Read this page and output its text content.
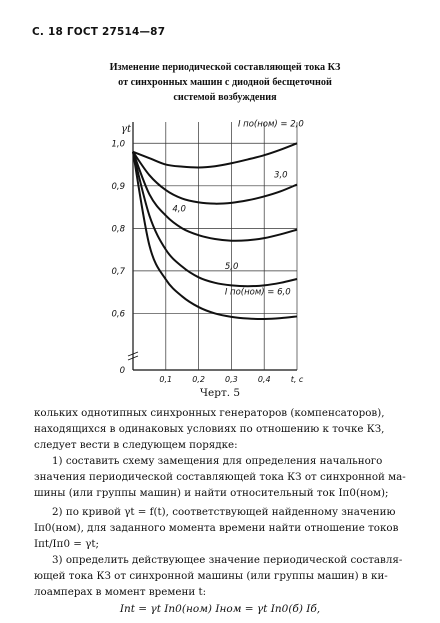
С. 18 ГОСТ 27514—87
Изменение периодической составляющей тока КЗ
от синхронных машин с диодной бесщеточной
системой возбуждения
1,0
0,9
0,8
0,7
0,6
0
0,1	0,2	0,3	0,4
γt
t, c
I по(ном) = 2,0
3,0
4,0
5,0
I по(ном) = 6,0
Черт. 5
кольких однотипных синхронных генераторов (компенсаторов),
находящихся в одинаковых условиях по отношению к точке КЗ,
следует вести в следующем порядке:
1) составить схему замещения для определения начального
значения периодической составляющей тока КЗ от синхронной ма-
шины (или группы машин) и найти относительный ток Iп0(ном);
2) по кривой γt = f(t), соответствующей найденному значению
Iп0(ном), для заданного момента времени найти отношение токов
Iпt/Iп0 = γt;
3) определить действующее значение периодической составля-
ющей тока КЗ от синхронной машины (или группы машин) в ки-
лоамперах в момент времени t:
Iпt = γt Iп0(ном) Iном = γt Iп0(б) Iб,
